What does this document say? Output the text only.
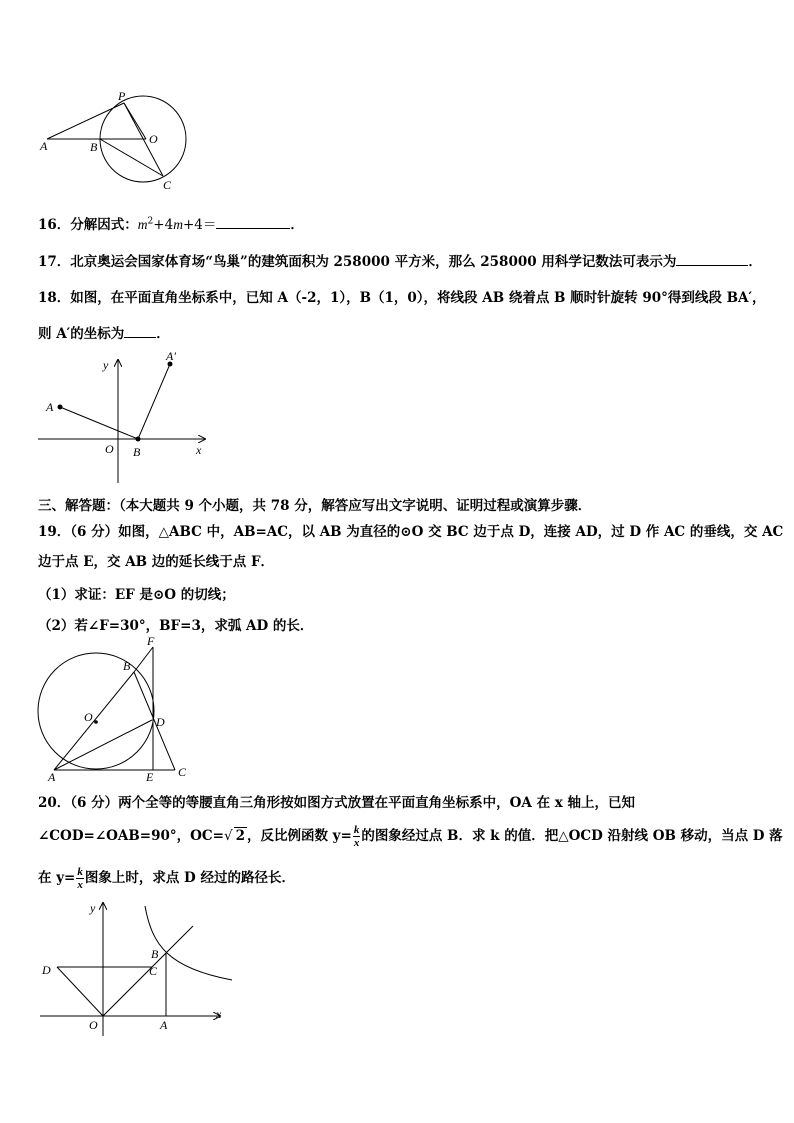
P
A	B
O
C
16．分解因式：$m^2+4m+4=$	．
17．北京奥运会国家体育场“鸟巢”的建筑面积为 258000 平方米，那么 258000 用科学记数法可表示为	．
18．如图，在平面直角坐标系中，已知 A（-2，1），B（1，0），将线段 AB 绕着点 B 顺时针旋转 90°得到线段 BA′，
则 A′的坐标为 ．
y
x
O
A
B
A′
三、解答题：（本大题共 9 个小题，共 78 分，解答应写出文字说明、证明过程或演算步骤．
19．（6 分）如图，△ABC 中，AB=AC，以 AB 为直径的⊙O 交 BC 边于点 D，连接 AD，过 D 作 AC 的垂线，交 AC
边于点 E，交 AB 边的延长线于点 F．
（1）求证：EF 是⊙O 的切线；
（2）若∠F=30°，BF=3，求弧 AD 的长．
F
B
O	D
A	E C
20．（6 分）两个全等的等腰直角三角形按如图方式放置在平面直角坐标系中，OA 在 x 轴上，已知
∠COD=∠OAB=90°，OC=√ 2 ，反比例函数 $y= \frac{k}{x}$ 的图象经过点 B．求 k 的值．把△OCD 沿射线 OB 移动，当点 D 落
在 $y= \frac{k}{x}$ 图象上时，求点 D 经过的路径长．
y
x
D
B
C
O	A
